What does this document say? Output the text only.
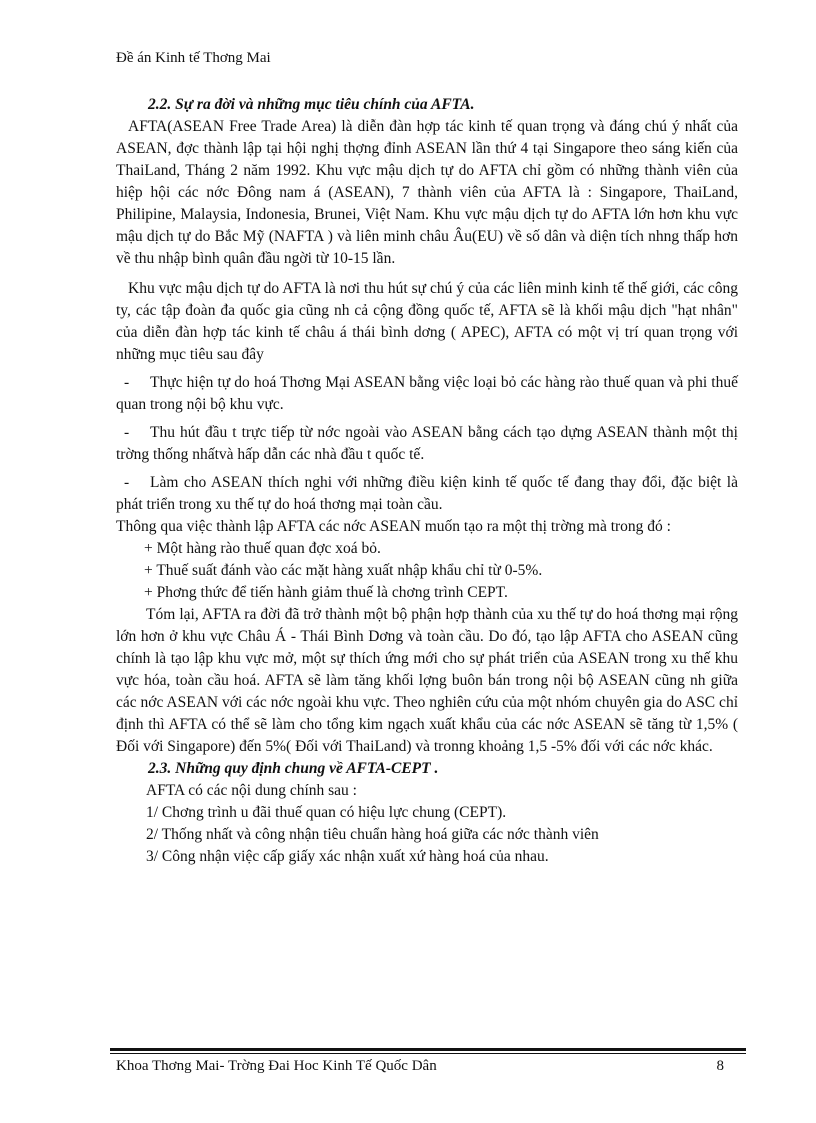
Đề án Kinh tế Thơng Mai

2.2. Sự ra đời và những mục tiêu chính của AFTA.

AFTA(ASEAN Free Trade Area) là diễn đàn hợp tác kinh tế quan trọng và đáng chú ý nhất của ASEAN, đợc thành lập tại hội nghị thợng đỉnh ASEAN lần thứ 4 tại Singapore theo sáng kiến của ThaiLand, Tháng 2 năm 1992. Khu vực mậu dịch tự do AFTA chỉ gồm có những thành viên của hiệp hội các nớc Đông nam á (ASEAN), 7 thành viên của AFTA là : Singapore, ThaiLand, Philipine, Malaysia, Indonesia, Brunei, Việt Nam. Khu vực mậu dịch tự do AFTA lớn hơn khu vực mậu dịch tự do Bắc Mỹ (NAFTA ) và liên minh châu Âu(EU) về số dân và diện tích nhng thấp hơn về thu nhập bình quân đầu ngời từ 10-15 lần.

Khu vực mậu dịch tự do AFTA là nơi thu hút sự chú ý của các liên minh kinh tế thế giới, các công ty, các tập đoàn đa quốc gia cũng nh cả cộng đồng quốc tế, AFTA sẽ là khối mậu dịch "hạt nhân" của diễn đàn hợp tác kinh tế châu á thái bình dơng ( APEC), AFTA có một vị trí quan trọng với những mục tiêu sau đây

- Thực hiện tự do hoá Thơng Mại ASEAN bằng việc loại bỏ các hàng rào thuế quan và phi thuế quan trong nội bộ khu vực.

- Thu hút đầu t trực tiếp từ nớc ngoài vào ASEAN bằng cách tạo dựng ASEAN thành một thị trờng thống nhấtvà hấp dẫn các nhà đầu t quốc tế.

- Làm cho ASEAN thích nghi với những điều kiện kinh tế quốc tế đang thay đổi, đặc biệt là phát triển trong xu thế tự do hoá thơng mại toàn cầu.

Thông qua việc thành lập AFTA các nớc ASEAN muốn tạo ra một thị trờng mà trong đó :

+ Một hàng rào thuế quan đợc xoá bỏ.

+ Thuế suất đánh vào các mặt hàng xuất nhập khẩu chỉ từ 0-5%.

+ Phơng thức để tiến hành giảm thuế là chơng trình CEPT.

Tóm lại, AFTA ra đời đã trở thành một bộ phận hợp thành của xu thế tự do hoá thơng mại rộng lớn hơn ở khu vực Châu Á - Thái Bình Dơng và toàn cầu. Do đó, tạo lập AFTA cho ASEAN cũng chính là tạo lập khu vực mở, một sự thích ứng mới cho sự phát triển của ASEAN trong xu thế khu vực hóa, toàn cầu hoá. AFTA sẽ làm tăng khối lợng buôn bán trong nội bộ ASEAN cũng nh giữa các nớc ASEAN với các nớc ngoài khu vực. Theo nghiên cứu của một nhóm chuyên gia do ASC chỉ định thì AFTA có thể sẽ làm cho tổng kim ngạch xuất khẩu của các nớc ASEAN sẽ tăng từ 1,5% ( Đối với Singapore) đến 5%( Đối với ThaiLand) và tronng khoảng 1,5 -5% đối với các nớc khác.

2.3. Những quy định chung về AFTA-CEPT .

AFTA có các nội dung chính sau :

1/ Chơng trình u đãi thuế quan có hiệu lực chung (CEPT).

2/ Thống nhất và công nhận tiêu chuẩn hàng hoá giữa các nớc thành viên

3/ Công nhận việc cấp giấy xác nhận xuất xứ hàng hoá của nhau.

Khoa Thơng Mai- Trờng Đai Hoc Kinh Tế Quốc Dân	8
